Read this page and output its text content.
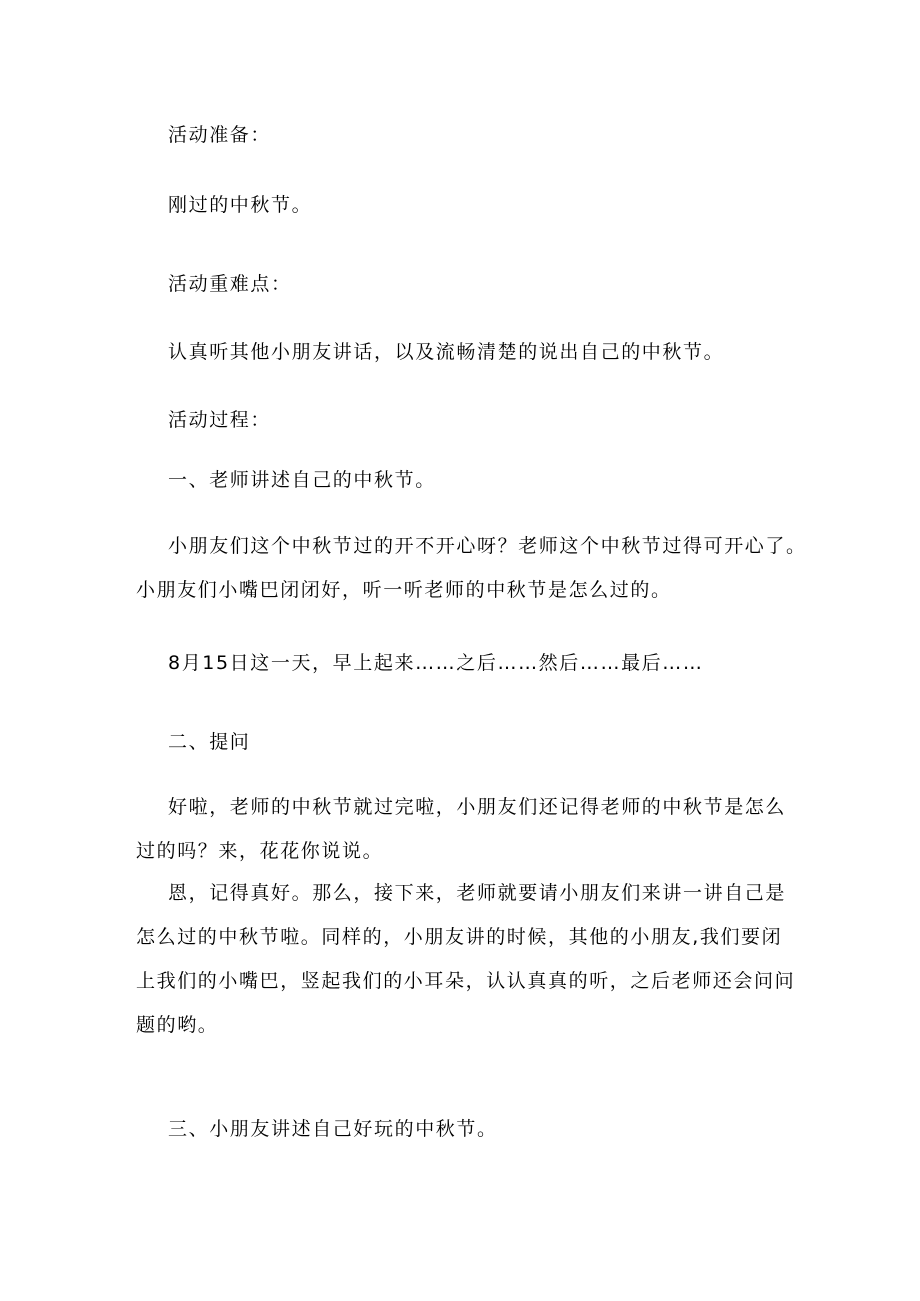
活动准备：

刚过的中秋节。

活动重难点：

认真听其他小朋友讲话，以及流畅清楚的说出自己的中秋节。

活动过程：

一、老师讲述自己的中秋节。

小朋友们这个中秋节过的开不开心呀？老师这个中秋节过得可开心了。小朋友们小嘴巴闭闭好，听一听老师的中秋节是怎么过的。

8月15日这一天，早上起来……之后……然后……最后……

二、提问

好啦，老师的中秋节就过完啦，小朋友们还记得老师的中秋节是怎么过的吗？来，花花你说说。

恩，记得真好。那么，接下来，老师就要请小朋友们来讲一讲自己是怎么过的中秋节啦。同样的，小朋友讲的时候，其他的小朋友,我们要闭上我们的小嘴巴，竖起我们的小耳朵，认认真真的听，之后老师还会问问题的哟。

三、小朋友讲述自己好玩的中秋节。
